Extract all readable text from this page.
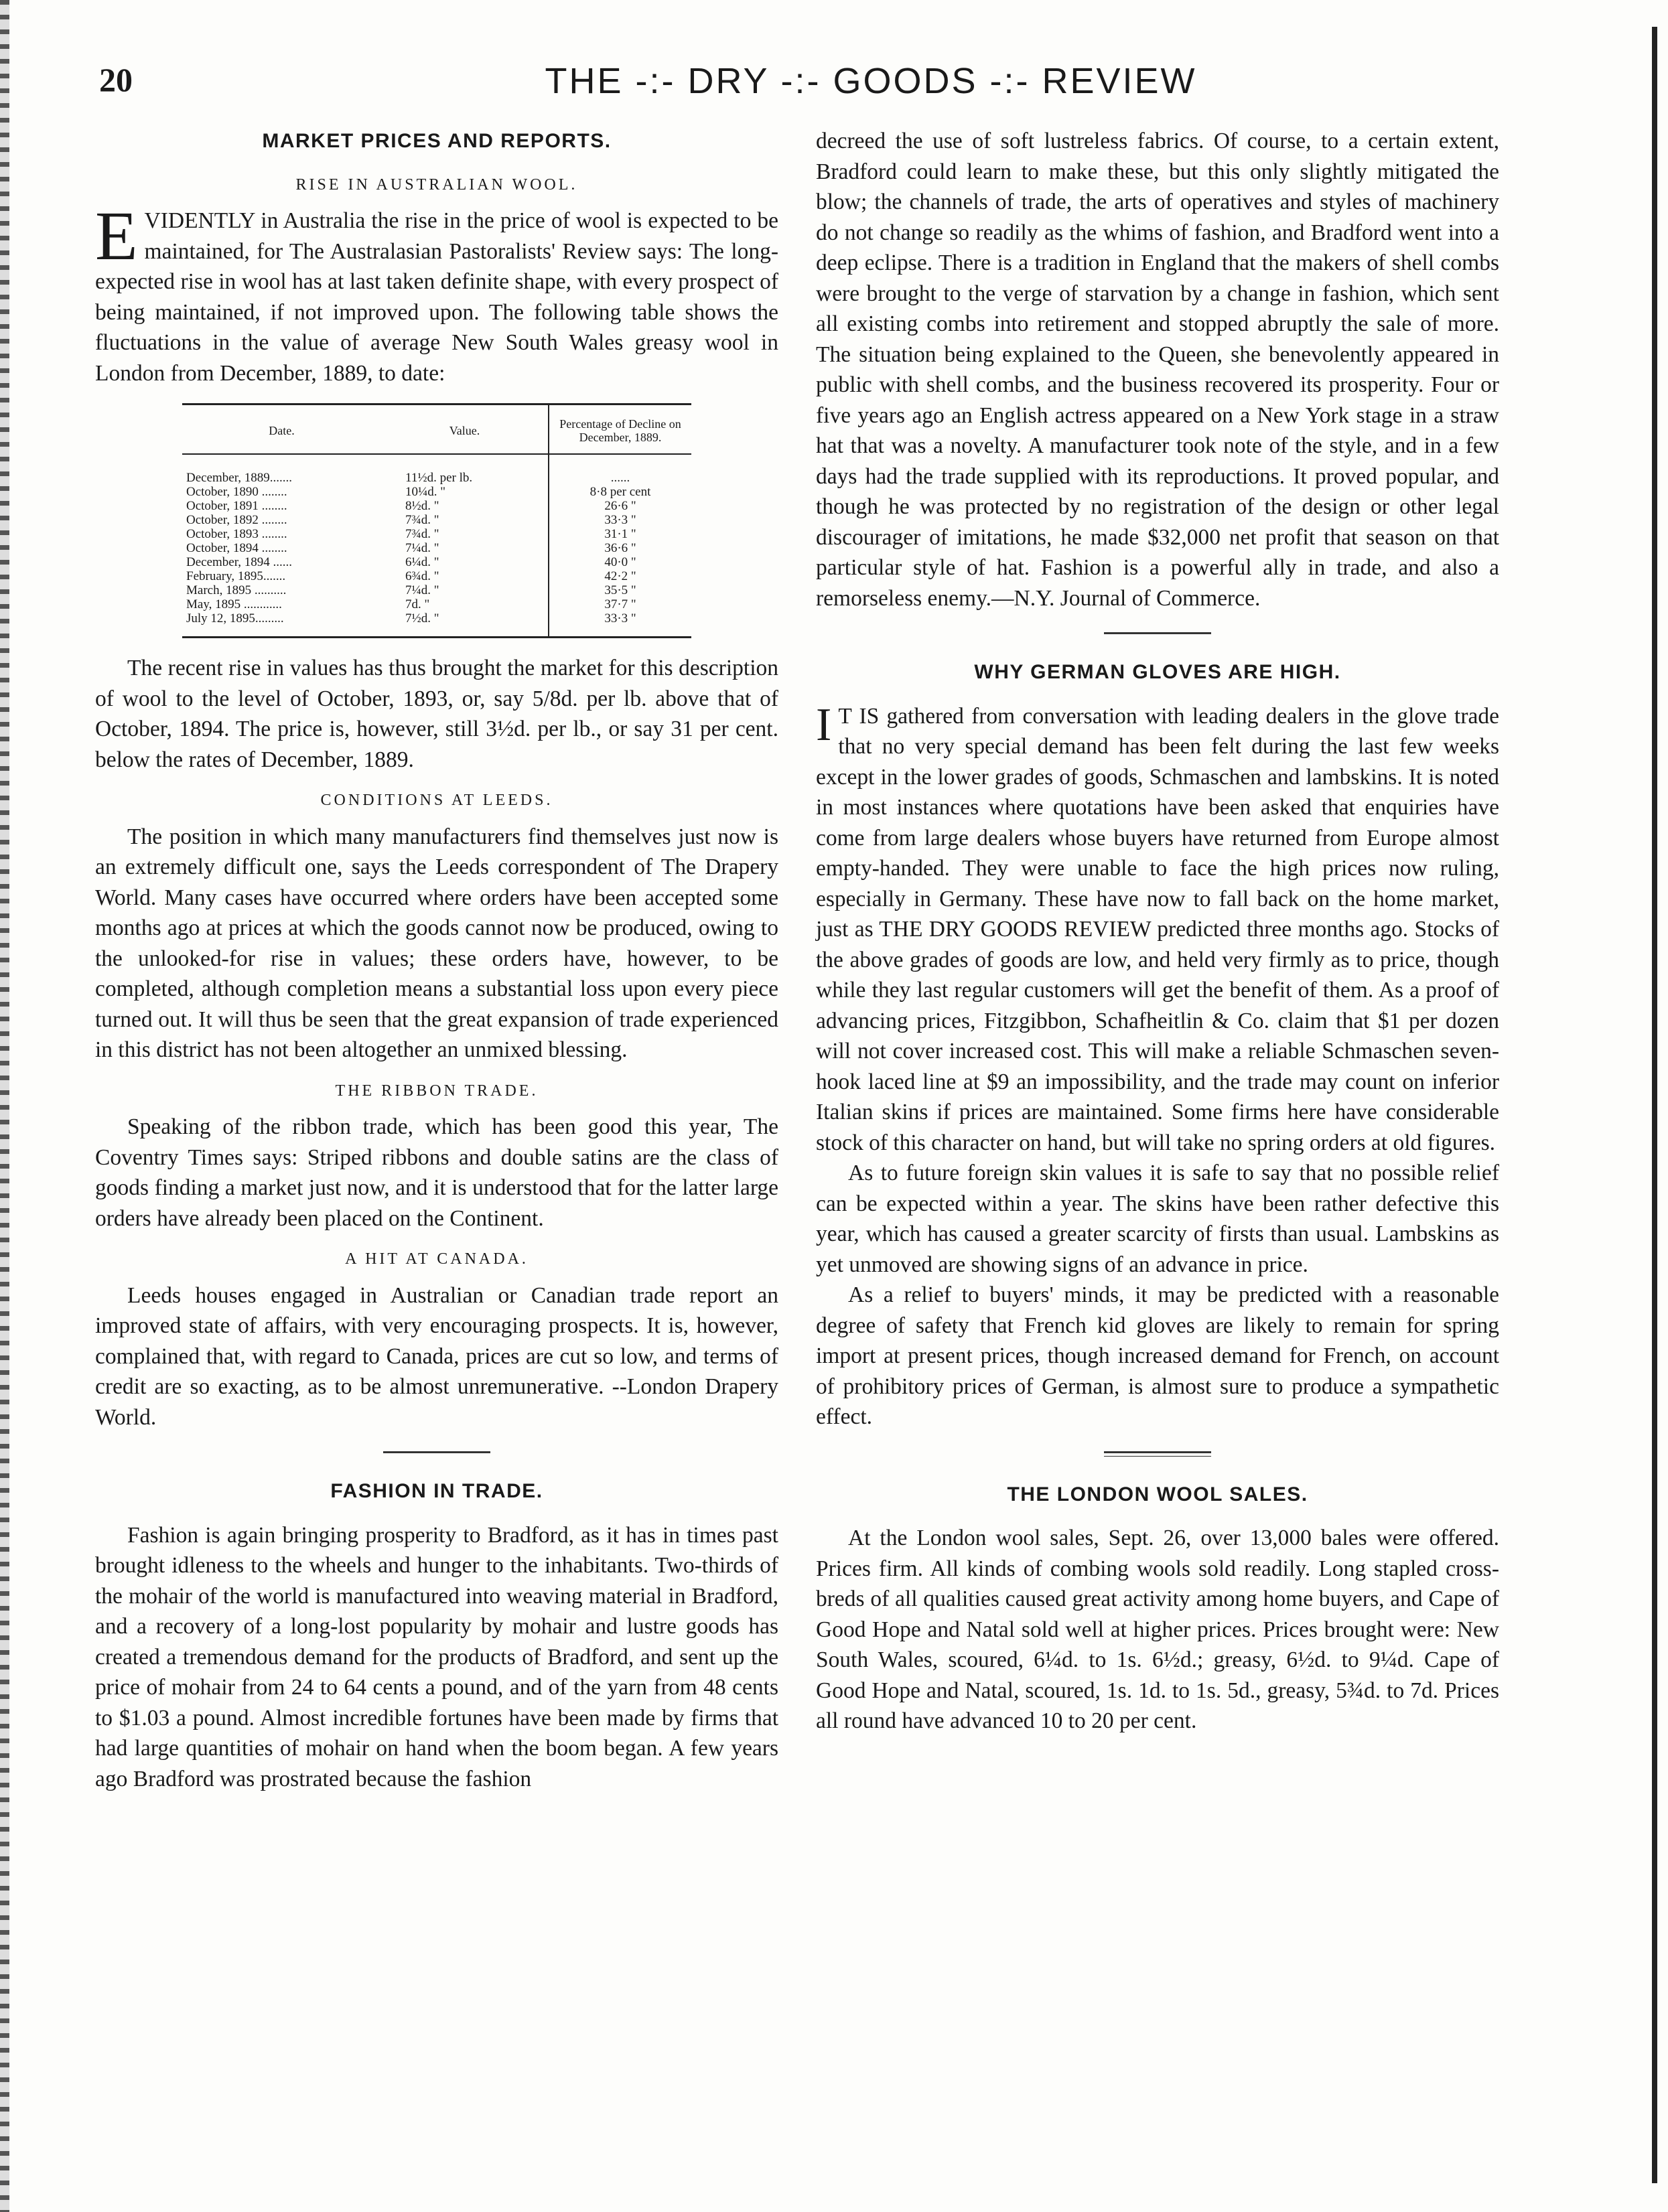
20	THE -:- DRY -:- GOODS -:- REVIEW
MARKET PRICES AND REPORTS.
RISE IN AUSTRALIAN WOOL.

EVIDENTLY in Australia the rise in the price of wool is expected to be maintained, for The Australasian Pastoralists' Review says: The long-expected rise in wool has at last taken definite shape, with every prospect of being maintained, if not improved upon. The following table shows the fluctuations in the value of average New South Wales greasy wool in London from December, 1889, to date:

Date.	Value.	Percentage of Decline on December, 1889.
December, 1889.......	11½d. per lb.	......
October, 1890 ........	10¼d. "	8·8 per cent
October, 1891 ........	8½d. "	26·6 "
October, 1892 ........	7¾d. "	33·3 "
October, 1893 ........	7¾d. "	31·1 "
October, 1894 ........	7¼d. "	36·6 "
December, 1894 ......	6¼d. "	40·0 "
February, 1895.......	6¾d. "	42·2 "
March, 1895 ..........	7¼d. "	35·5 "
May, 1895 ............	7d. "	37·7 "
July 12, 1895.........	7½d. "	33·3 "

The recent rise in values has thus brought the market for this description of wool to the level of October, 1893, or, say 5/8d. per lb. above that of October, 1894. The price is, however, still 3½d. per lb., or say 31 per cent. below the rates of December, 1889.

CONDITIONS AT LEEDS.

The position in which many manufacturers find themselves just now is an extremely difficult one, says the Leeds correspondent of The Drapery World. Many cases have occurred where orders have been accepted some months ago at prices at which the goods cannot now be produced, owing to the unlooked-for rise in values; these orders have, however, to be completed, although completion means a substantial loss upon every piece turned out. It will thus be seen that the great expansion of trade experienced in this district has not been altogether an unmixed blessing.

THE RIBBON TRADE.

Speaking of the ribbon trade, which has been good this year, The Coventry Times says: Striped ribbons and double satins are the class of goods finding a market just now, and it is understood that for the latter large orders have already been placed on the Continent.

A HIT AT CANADA.

Leeds houses engaged in Australian or Canadian trade report an improved state of affairs, with very encouraging prospects. It is, however, complained that, with regard to Canada, prices are cut so low, and terms of credit are so exacting, as to be almost unremunerative. --London Drapery World.

FASHION IN TRADE.

Fashion is again bringing prosperity to Bradford, as it has in times past brought idleness to the wheels and hunger to the inhabitants. Two-thirds of the mohair of the world is manufactured into weaving material in Bradford, and a recovery of a long-lost popularity by mohair and lustre goods has created a tremendous demand for the products of Bradford, and sent up the price of mohair from 24 to 64 cents a pound, and of the yarn from 48 cents to $1.03 a pound. Almost incredible fortunes have been made by firms that had large quantities of mohair on hand when the boom began. A few years ago Bradford was prostrated because the fashion

decreed the use of soft lustreless fabrics. Of course, to a certain extent, Bradford could learn to make these, but this only slightly mitigated the blow; the channels of trade, the arts of operatives and styles of machinery do not change so readily as the whims of fashion, and Bradford went into a deep eclipse. There is a tradition in England that the makers of shell combs were brought to the verge of starvation by a change in fashion, which sent all existing combs into retirement and stopped abruptly the sale of more. The situation being explained to the Queen, she benevolently appeared in public with shell combs, and the business recovered its prosperity. Four or five years ago an English actress appeared on a New York stage in a straw hat that was a novelty. A manufacturer took note of the style, and in a few days had the trade supplied with its reproductions. It proved popular, and though he was protected by no registration of the design or other legal discourager of imitations, he made $32,000 net profit that season on that particular style of hat. Fashion is a powerful ally in trade, and also a remorseless enemy.—N.Y. Journal of Commerce.

WHY GERMAN GLOVES ARE HIGH.

I T IS gathered from conversation with leading dealers in the glove trade that no very special demand has been felt during the last few weeks except in the lower grades of goods, Schmaschen and lambskins. It is noted in most instances where quotations have been asked that enquiries have come from large dealers whose buyers have returned from Europe almost empty-handed. They were unable to face the high prices now ruling, especially in Germany. These have now to fall back on the home market, just as THE DRY GOODS REVIEW predicted three months ago. Stocks of the above grades of goods are low, and held very firmly as to price, though while they last regular customers will get the benefit of them. As a proof of advancing prices, Fitzgibbon, Schafheitlin & Co. claim that $1 per dozen will not cover increased cost. This will make a reliable Schmaschen seven-hook laced line at $9 an impossibility, and the trade may count on inferior Italian skins if prices are maintained. Some firms here have considerable stock of this character on hand, but will take no spring orders at old figures.

As to future foreign skin values it is safe to say that no possible relief can be expected within a year. The skins have been rather defective this year, which has caused a greater scarcity of firsts than usual. Lambskins as yet unmoved are showing signs of an advance in price.

As a relief to buyers' minds, it may be predicted with a reasonable degree of safety that French kid gloves are likely to remain for spring import at present prices, though increased demand for French, on account of prohibitory prices of German, is almost sure to produce a sympathetic effect.

THE LONDON WOOL SALES.

At the London wool sales, Sept. 26, over 13,000 bales were offered. Prices firm. All kinds of combing wools sold readily. Long stapled cross-breds of all qualities caused great activity among home buyers, and Cape of Good Hope and Natal sold well at higher prices. Prices brought were: New South Wales, scoured, 6¼d. to 1s. 6½d.; greasy, 6½d. to 9¼d. Cape of Good Hope and Natal, scoured, 1s. 1d. to 1s. 5d., greasy, 5¾d. to 7d. Prices all round have advanced 10 to 20 per cent.
